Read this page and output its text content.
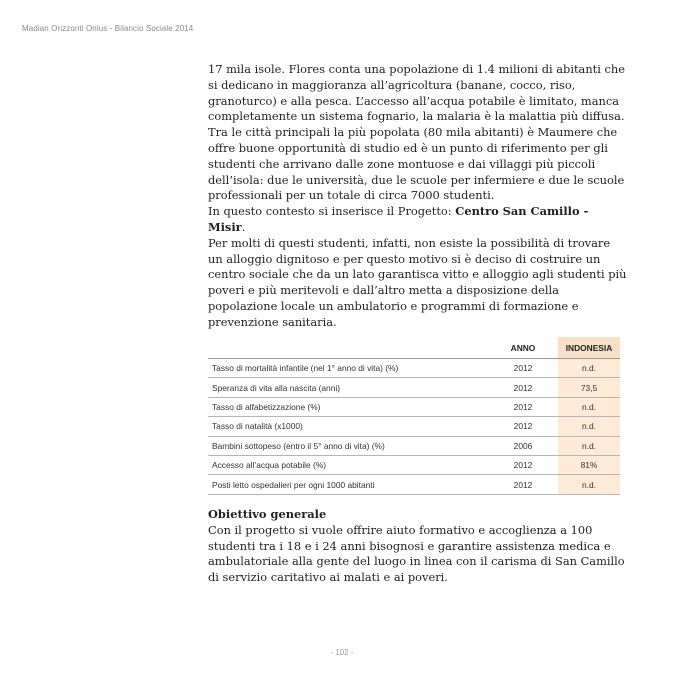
Madian Orizzonti Onlus - Bilancio Sociale 2014

17 mila isole. Flores conta una popolazione di 1.4 milioni di abitanti che si dedicano in maggioranza all’agricoltura (banane, cocco, riso, granoturco) e alla pesca. L’accesso all’acqua potabile è limitato, manca completamente un sistema fognario, la malaria è la malattia più diffusa.

Tra le città principali la più popolata (80 mila abitanti) è Maumere che offre buone opportunità di studio ed è un punto di riferimento per gli studenti che arrivano dalle zone montuose e dai villaggi più piccoli dell’isola: due le università, due le scuole per infermiere e due le scuole professionali per un totale di circa 7000 studenti.

In questo contesto si inserisce il Progetto: Centro San Camillo - Misir.

Per molti di questi studenti, infatti, non esiste la possibilità di trovare un alloggio dignitoso e per questo motivo si è deciso di costruire un centro sociale che da un lato garantisca vitto e alloggio agli studenti più poveri e più meritevoli e dall’altro metta a disposizione della popolazione locale un ambulatorio e programmi di formazione e prevenzione sanitaria.

	ANNO	INDONESIA
Tasso di mortalità infantile (nel 1° anno di vita) (%)	2012	n.d.
Speranza di vita alla nascita (anni)	2012	73,5
Tasso di alfabetizzazione (%)	2012	n.d.
Tasso di natalità (x1000)	2012	n.d.
Bambini sottopeso (entro il 5° anno di vita) (%)	2006	n.d.
Accesso all’acqua potabile (%)	2012	81%
Posti letto ospedalieri per ogni 1000 abitanti	2012	n.d.
Obiettivo generale

Con il progetto si vuole offrire aiuto formativo e accoglienza a 100 studenti tra i 18 e i 24 anni bisognosi e garantire assistenza medica e ambulatoriale alla gente del luogo in linea con il carisma di San Camillo di servizio caritativo ai malati e ai poveri.

- 102 -
